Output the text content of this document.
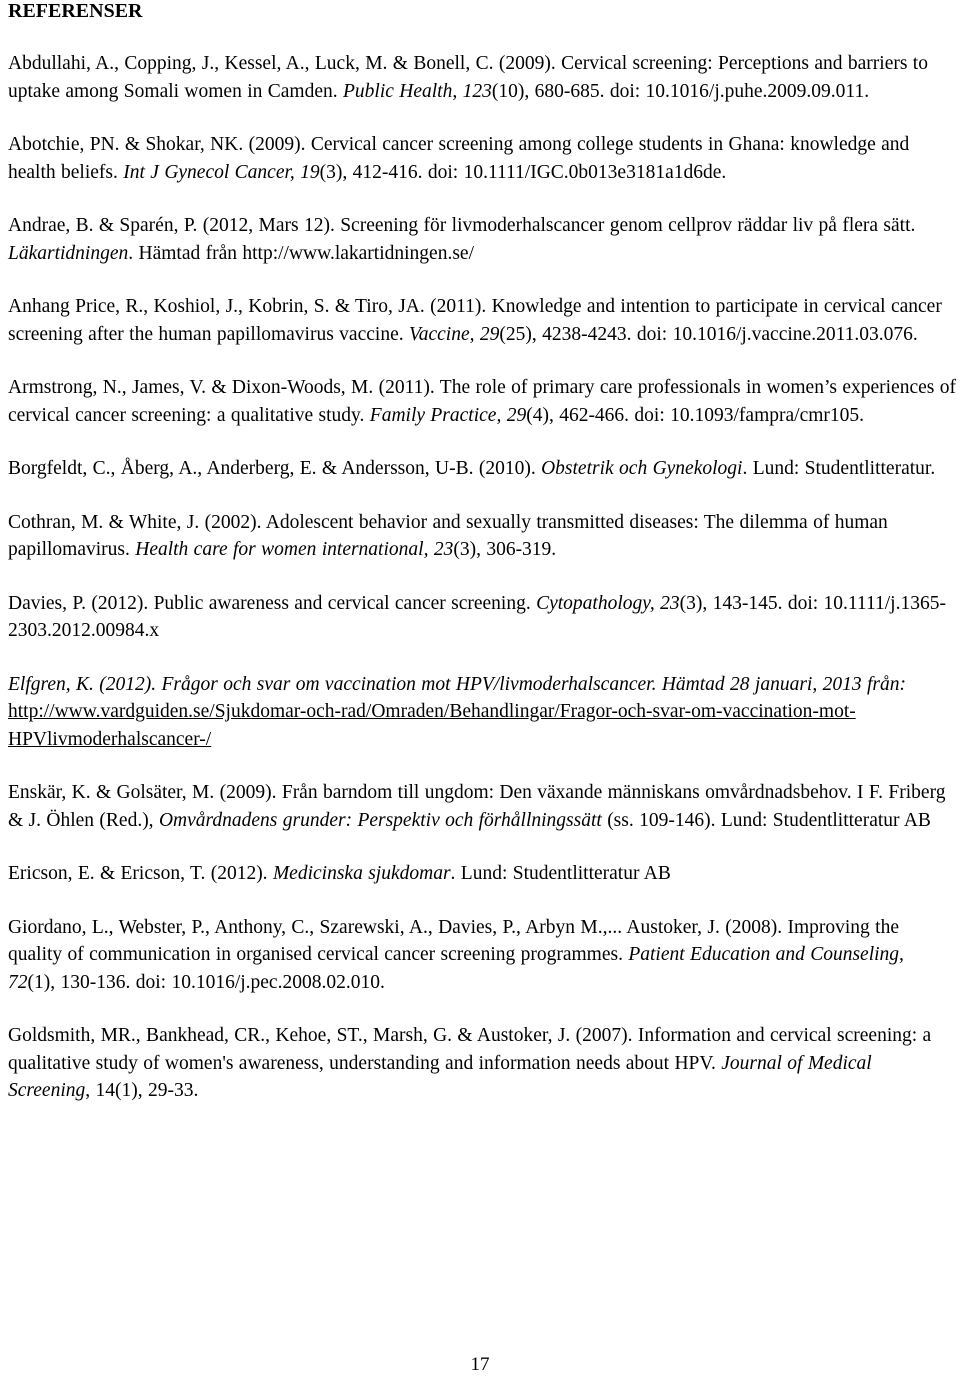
REFERENSER

Abdullahi, A., Copping, J., Kessel, A., Luck, M. & Bonell, C. (2009). Cervical screening: Perceptions and barriers to uptake among Somali women in Camden. Public Health, 123(10), 680-685. doi: 10.1016/j.puhe.2009.09.011.

Abotchie, PN. & Shokar, NK. (2009). Cervical cancer screening among college students in Ghana: knowledge and health beliefs. Int J Gynecol Cancer, 19(3), 412-416. doi: 10.1111/IGC.0b013e3181a1d6de.

Andrae, B. & Sparén, P. (2012, Mars 12). Screening för livmoderhalscancer genom cellprov räddar liv på flera sätt. Läkartidningen. Hämtad från http://www.lakartidningen.se/

Anhang Price, R., Koshiol, J., Kobrin, S. & Tiro, JA. (2011). Knowledge and intention to participate in cervical cancer screening after the human papillomavirus vaccine. Vaccine, 29(25), 4238-4243. doi: 10.1016/j.vaccine.2011.03.076.

Armstrong, N., James, V. & Dixon-Woods, M. (2011). The role of primary care professionals in women’s experiences of cervical cancer screening: a qualitative study. Family Practice, 29(4), 462-466. doi: 10.1093/fampra/cmr105.

Borgfeldt, C., Åberg, A., Anderberg, E. & Andersson, U-B. (2010). Obstetrik och Gynekologi. Lund: Studentlitteratur.

Cothran, M. & White, J. (2002). Adolescent behavior and sexually transmitted diseases: The dilemma of human papillomavirus. Health care for women international, 23(3), 306-319.

Davies, P. (2012). Public awareness and cervical cancer screening. Cytopathology, 23(3), 143-145. doi: 10.1111/j.1365-2303.2012.00984.x

Elfgren, K. (2012). Frågor och svar om vaccination mot HPV/livmoderhalscancer. Hämtad 28 januari, 2013 från: http://www.vardguiden.se/Sjukdomar-och-rad/Omraden/Behandlingar/Fragor-och-svar-om-vaccination-mot-HPVlivmoderhalscancer-/

Enskär, K. & Golsäter, M. (2009). Från barndom till ungdom: Den växande människans omvårdnadsbehov. I F. Friberg & J. Öhlen (Red.), Omvårdnadens grunder: Perspektiv och förhållningssätt (ss. 109-146). Lund: Studentlitteratur AB

Ericson, E. & Ericson, T. (2012). Medicinska sjukdomar. Lund: Studentlitteratur AB

Giordano, L., Webster, P., Anthony, C., Szarewski, A., Davies, P., Arbyn M.,... Austoker, J. (2008). Improving the quality of communication in organised cervical cancer screening programmes. Patient Education and Counseling, 72(1), 130-136. doi: 10.1016/j.pec.2008.02.010.

Goldsmith, MR., Bankhead, CR., Kehoe, ST., Marsh, G. & Austoker, J. (2007). Information and cervical screening: a qualitative study of women's awareness, understanding and information needs about HPV. Journal of Medical Screening, 14(1), 29-33.

17
